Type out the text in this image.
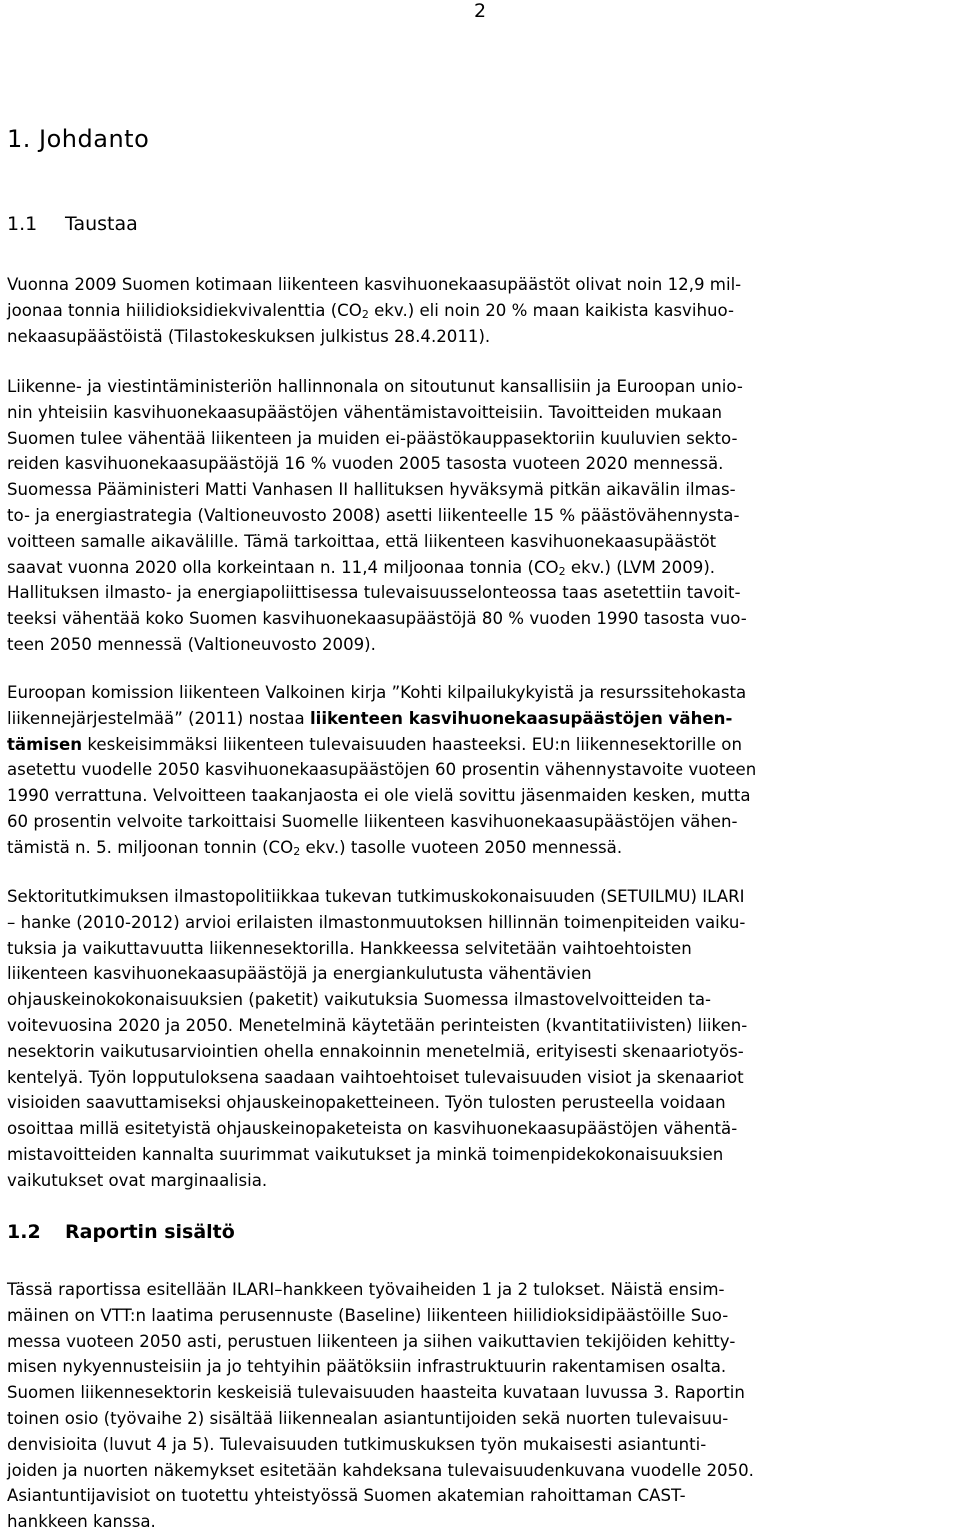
2
1. Johdanto
1.1 Taustaa
Vuonna 2009 Suomen kotimaan liikenteen kasvihuonekaasupäästöt olivat noin 12,9 mil-
joonaa tonnia hiilidioksidiekvivalenttia ($CO_2$ ekv.) eli noin 20 % maan kaikista kasvihuo-
nekaasupäästöistä (Tilastokeskuksen julkistus 28.4.2011).
Liikenne- ja viestintäministeriön hallinnonala on sitoutunut kansallisiin ja Euroopan unio-
nin yhteisiin kasvihuonekaasupäästöjen vähentämistavoitteisiin. Tavoitteiden mukaan
Suomen tulee vähentää liikenteen ja muiden ei-päästökauppasektoriin kuuluvien sekto-
reiden kasvihuonekaasupäästöjä 16 % vuoden 2005 tasosta vuoteen 2020 mennessä.
Suomessa Pääministeri Matti Vanhasen II hallituksen hyväksymä pitkän aikavälin ilmas-
to- ja energiastrategia (Valtioneuvosto 2008) asetti liikenteelle 15 % päästövähennysta-
voitteen samalle aikavälille. Tämä tarkoittaa, että liikenteen kasvihuonekaasupäästöt
saavat vuonna 2020 olla korkeintaan n. 11,4 miljoonaa tonnia ($CO_2$ ekv.) (LVM 2009).
Hallituksen ilmasto- ja energiapoliittisessa tulevaisuusselonteossa taas asetettiin tavoit-
teeksi vähentää koko Suomen kasvihuonekaasupäästöjä 80 % vuoden 1990 tasosta vuo-
teen 2050 mennessä (Valtioneuvosto 2009).
Euroopan komission liikenteen Valkoinen kirja ”Kohti kilpailukykyistä ja resurssitehokasta
liikennejärjestelmää” (2011) nostaa liikenteen kasvihuonekaasupäästöjen vähen-
tämisen keskeisimmäksi liikenteen tulevaisuuden haasteeksi. EU:n liikennesektorille on
asetettu vuodelle 2050 kasvihuonekaasupäästöjen 60 prosentin vähennystavoite vuoteen
1990 verrattuna. Velvoitteen taakanjaosta ei ole vielä sovittu jäsenmaiden kesken, mutta
60 prosentin velvoite tarkoittaisi Suomelle liikenteen kasvihuonekaasupäästöjen vähen-
tämistä n. 5. miljoonan tonnin ($CO_2$ ekv.) tasolle vuoteen 2050 mennessä.
Sektoritutkimuksen ilmastopolitiikkaa tukevan tutkimuskokonaisuuden (SETUILMU) ILARI
– hanke (2010-2012) arvioi erilaisten ilmastonmuutoksen hillinnän toimenpiteiden vaiku-
tuksia ja vaikuttavuutta liikennesektorilla. Hankkeessa selvitetään vaihtoehtoisten
liikenteen kasvihuonekaasupäästöjä ja energiankulutusta vähentävien
ohjauskeinokokonaisuuksien (paketit) vaikutuksia Suomessa ilmastovelvoitteiden ta-
voitevuosina 2020 ja 2050. Menetelminä käytetään perinteisten (kvantitatiivisten) liiken-
nesektorin vaikutusarviointien ohella ennakoinnin menetelmiä, erityisesti skenaariotyös-
kentelyä. Työn lopputuloksena saadaan vaihtoehtoiset tulevaisuuden visiot ja skenaariot
visioiden saavuttamiseksi ohjauskeinopaketteineen. Työn tulosten perusteella voidaan
osoittaa millä esitetyistä ohjauskeinopaketeista on kasvihuonekaasupäästöjen vähentä-
mistavoitteiden kannalta suurimmat vaikutukset ja minkä toimenpidekokonaisuuksien
vaikutukset ovat marginaalisia.
1.2 Raportin sisältö
Tässä raportissa esitellään ILARI–hankkeen työvaiheiden 1 ja 2 tulokset. Näistä ensim-
mäinen on VTT:n laatima perusennuste (Baseline) liikenteen hiilidioksidipäästöille Suo-
messa vuoteen 2050 asti, perustuen liikenteen ja siihen vaikuttavien tekijöiden kehitty-
misen nykyennusteisiin ja jo tehtyihin päätöksiin infrastruktuurin rakentamisen osalta.
Suomen liikennesektorin keskeisiä tulevaisuuden haasteita kuvataan luvussa 3. Raportin
toinen osio (työvaihe 2) sisältää liikennealan asiantuntijoiden sekä nuorten tulevaisuu-
denvisioita (luvut 4 ja 5). Tulevaisuuden tutkimuskuksen työn mukaisesti asiantunti-
joiden ja nuorten näkemykset esitetään kahdeksana tulevaisuudenkuvana vuodelle 2050.
Asiantuntijavisiot on tuotettu yhteistyössä Suomen akatemian rahoittaman CAST-
hankkeen kanssa.
